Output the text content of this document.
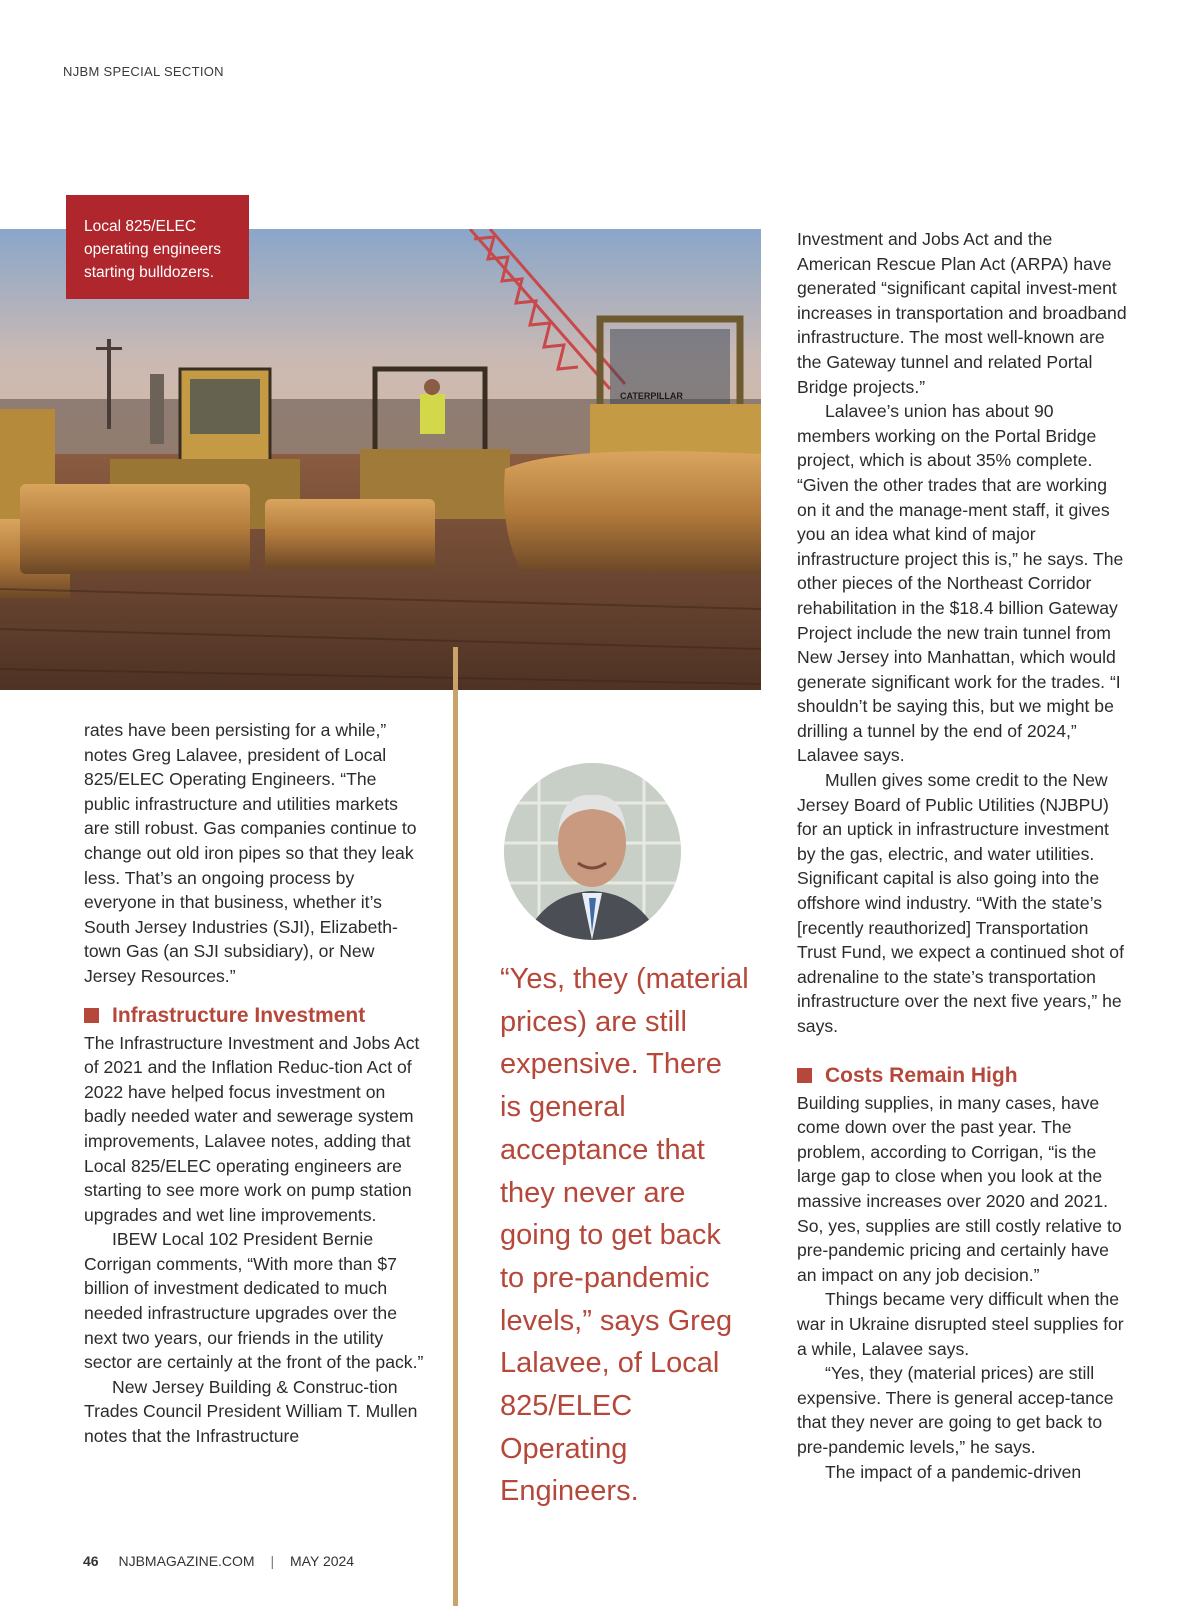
NJBM SPECIAL SECTION
CATERPILLAR
Local 825/ELEC operating engineers starting bulldozers.

rates have been persisting for a while,” notes Greg Lalavee, president of Local 825/ELEC Operating Engineers. “The public infrastructure and utilities markets are still robust. Gas companies continue to change out old iron pipes so that they leak less. That’s an ongoing process by everyone in that business, whether it’s South Jersey Industries (SJI), Elizabeth-town Gas (an SJI subsidiary), or New Jersey Resources.”

Infrastructure Investment

The Infrastructure Investment and Jobs Act of 2021 and the Inflation Reduc-tion Act of 2022 have helped focus investment on badly needed water and sewerage system improvements, Lalavee notes, adding that Local 825/ELEC operating engineers are starting to see more work on pump station upgrades and wet line improvements.

IBEW Local 102 President Bernie Corrigan comments, “With more than $7 billion of investment dedicated to much needed infrastructure upgrades over the next two years, our friends in the utility sector are certainly at the front of the pack.”

New Jersey Building & Construc-tion Trades Council President William T. Mullen notes that the Infrastructure

“Yes, they (material prices) are still expensive. There is general acceptance that they never are going to get back to pre-pandemic levels,” says Greg Lalavee, of Local 825/ELEC Operating Engineers.

Investment and Jobs Act and the American Rescue Plan Act (ARPA) have generated “significant capital invest-ment increases in transportation and broadband infrastructure. The most well-known are the Gateway tunnel and related Portal Bridge projects.”

Lalavee’s union has about 90 members working on the Portal Bridge project, which is about 35% complete. “Given the other trades that are working on it and the manage-ment staff, it gives you an idea what kind of major infrastructure project this is,” he says. The other pieces of the Northeast Corridor rehabilitation in the $18.4 billion Gateway Project include the new train tunnel from New Jersey into Manhattan, which would generate significant work for the trades. “I shouldn’t be saying this, but we might be drilling a tunnel by the end of 2024,” Lalavee says.

Mullen gives some credit to the New Jersey Board of Public Utilities (NJBPU) for an uptick in infrastructure investment by the gas, electric, and water utilities. Significant capital is also going into the offshore wind industry. “With the state’s [recently reauthorized] Transportation Trust Fund, we expect a continued shot of adrenaline to the state’s transportation infrastructure over the next five years,” he says.

Costs Remain High

Building supplies, in many cases, have come down over the past year. The problem, according to Corrigan, “is the large gap to close when you look at the massive increases over 2020 and 2021. So, yes, supplies are still costly relative to pre-pandemic pricing and certainly have an impact on any job decision.”

Things became very difficult when the war in Ukraine disrupted steel supplies for a while, Lalavee says.

“Yes, they (material prices) are still expensive. There is general accep-tance that they never are going to get back to pre-pandemic levels,” he says.

The impact of a pandemic-driven

46 NJBMAGAZINE.COM | MAY 2024
